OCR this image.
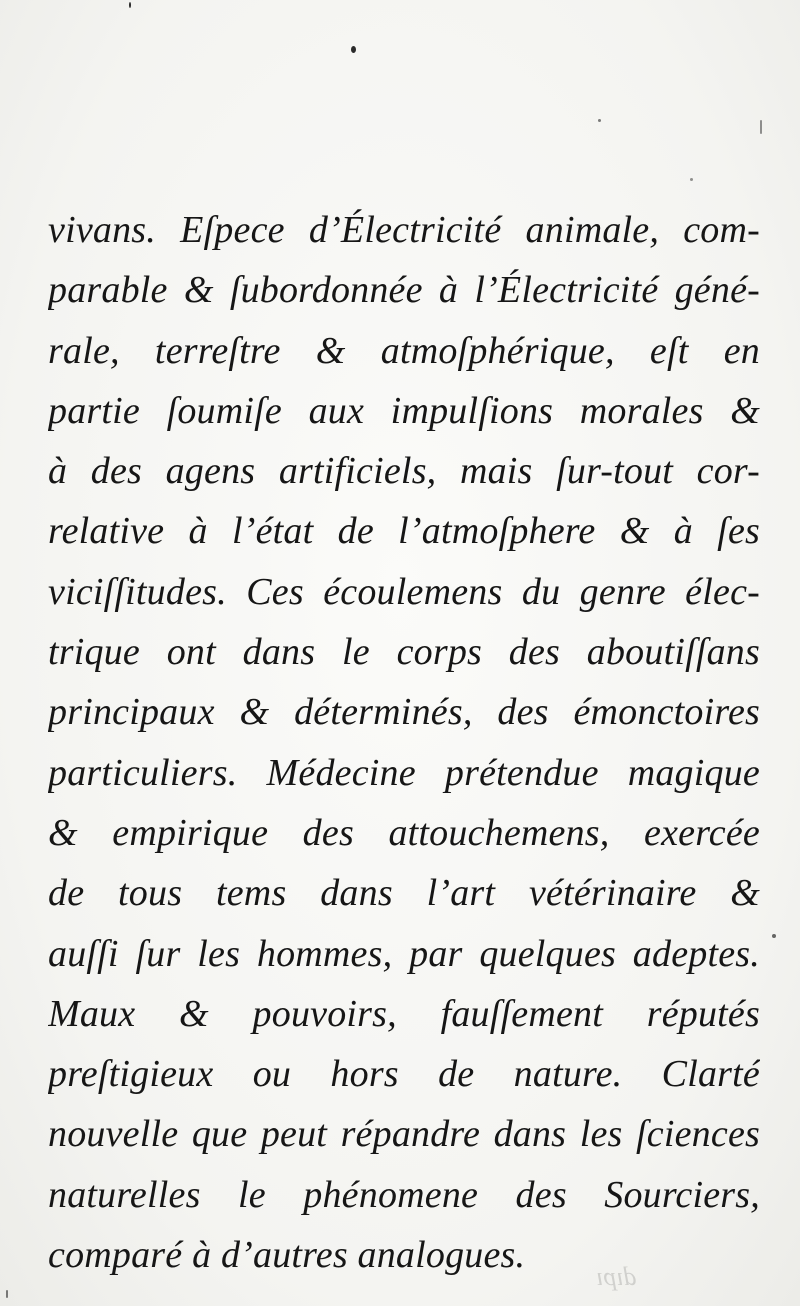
vivans. Eſpece d’Électricité animale, com-
parable & ſubordonnée à l’Électricité géné-
rale, terreſtre & atmoſphérique, eſt en
partie ſoumiſe aux impulſions morales &
à des agens artificiels, mais ſur-tout cor-
relative à l’état de l’atmoſphere & à ſes
viciſſitudes. Ces écoulemens du genre élec-
trique ont dans le corps des aboutiſſans
principaux & déterminés, des émonctoires
particuliers. Médecine prétendue magique
& empirique des attouchemens, exercée
de tous tems dans l’art vétérinaire &
auſſi ſur les hommes, par quelques adeptes.
Maux & pouvoirs, fauſſement réputés
preſtigieux ou hors de nature. Clarté
nouvelle que peut répandre dans les ſciences
naturelles le phénomene des Sourciers,
comparé à d’autres analogues.
dıpı
